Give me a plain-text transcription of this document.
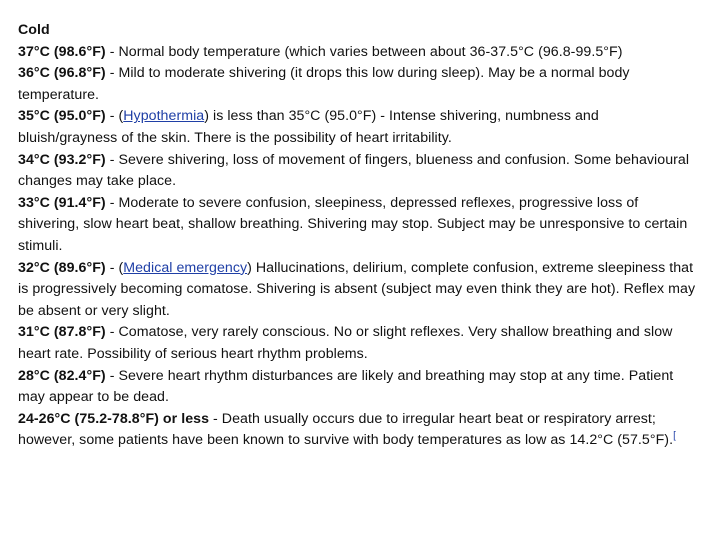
Cold

37°C (98.6°F) - Normal body temperature (which varies between about 36-37.5°C (96.8-99.5°F)

36°C (96.8°F) - Mild to moderate shivering (it drops this low during sleep). May be a normal body temperature.

35°C (95.0°F) - (Hypothermia) is less than 35°C (95.0°F) - Intense shivering, numbness and bluish/grayness of the skin. There is the possibility of heart irritability.

34°C (93.2°F) - Severe shivering, loss of movement of fingers, blueness and confusion. Some behavioural changes may take place.

33°C (91.4°F) - Moderate to severe confusion, sleepiness, depressed reflexes, progressive loss of shivering, slow heart beat, shallow breathing. Shivering may stop. Subject may be unresponsive to certain stimuli.

32°C (89.6°F) - (Medical emergency) Hallucinations, delirium, complete confusion, extreme sleepiness that is progressively becoming comatose. Shivering is absent (subject may even think they are hot). Reflex may be absent or very slight.

31°C (87.8°F) - Comatose, very rarely conscious. No or slight reflexes. Very shallow breathing and slow heart rate. Possibility of serious heart rhythm problems.

28°C (82.4°F) - Severe heart rhythm disturbances are likely and breathing may stop at any time. Patient may appear to be dead.

24-26°C (75.2-78.8°F) or less - Death usually occurs due to irregular heart beat or respiratory arrest; however, some patients have been known to survive with body temperatures as low as 14.2°C (57.5°F).[
